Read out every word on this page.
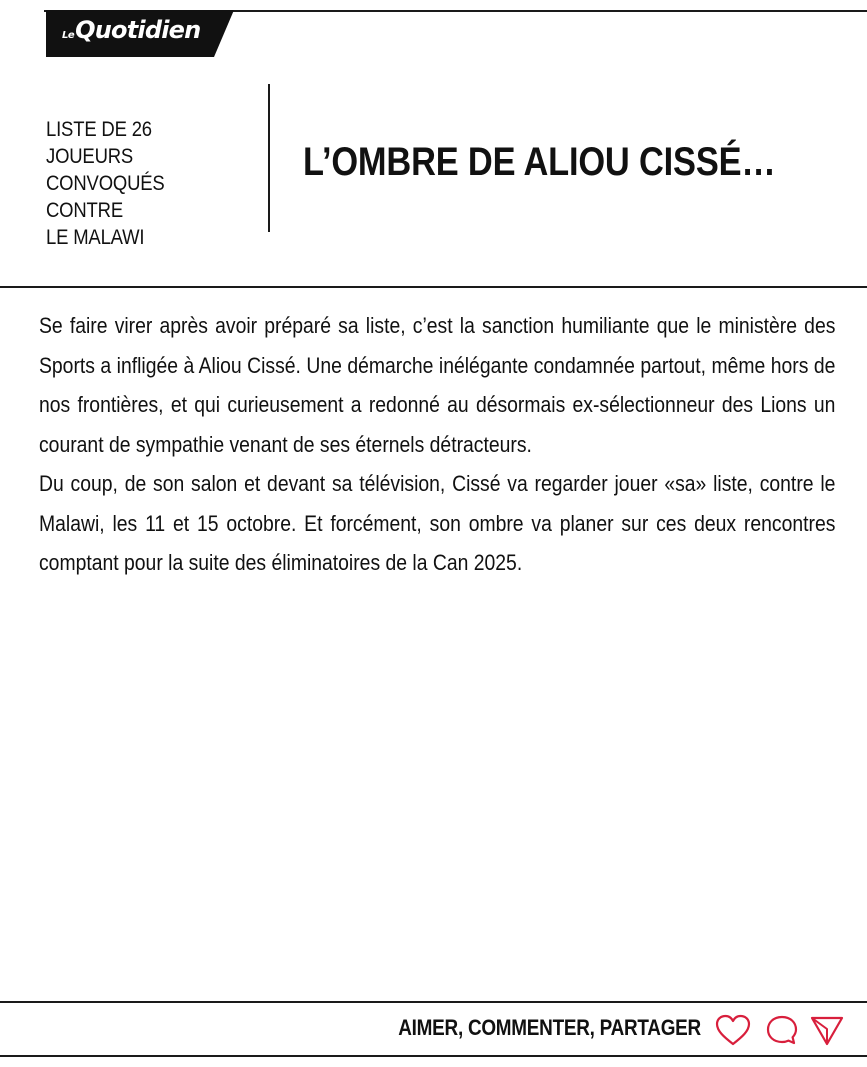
LeQuotidien
LISTE DE 26 JOUEURS
CONVOQUÉS CONTRE
LE MALAWI
L’OMBRE DE ALIOU CISSÉ…

Se faire virer après avoir préparé sa liste, c’est la sanction humiliante que le ministère des Sports a infligée à Aliou Cissé. Une démarche inélégante condamnée partout, même hors de nos frontières, et qui curieusement a redonné au désormais ex-sélectionneur des Lions un courant de sympathie venant de ses éternels détracteurs.

Du coup, de son salon et devant sa télévision, Cissé va regarder jouer «sa» liste, contre le Malawi, les 11 et 15 octobre. Et forcément, son ombre va planer sur ces deux rencontres comptant pour la suite des éliminatoires de la Can 2025.

AIMER, COMMENTER, PARTAGER
